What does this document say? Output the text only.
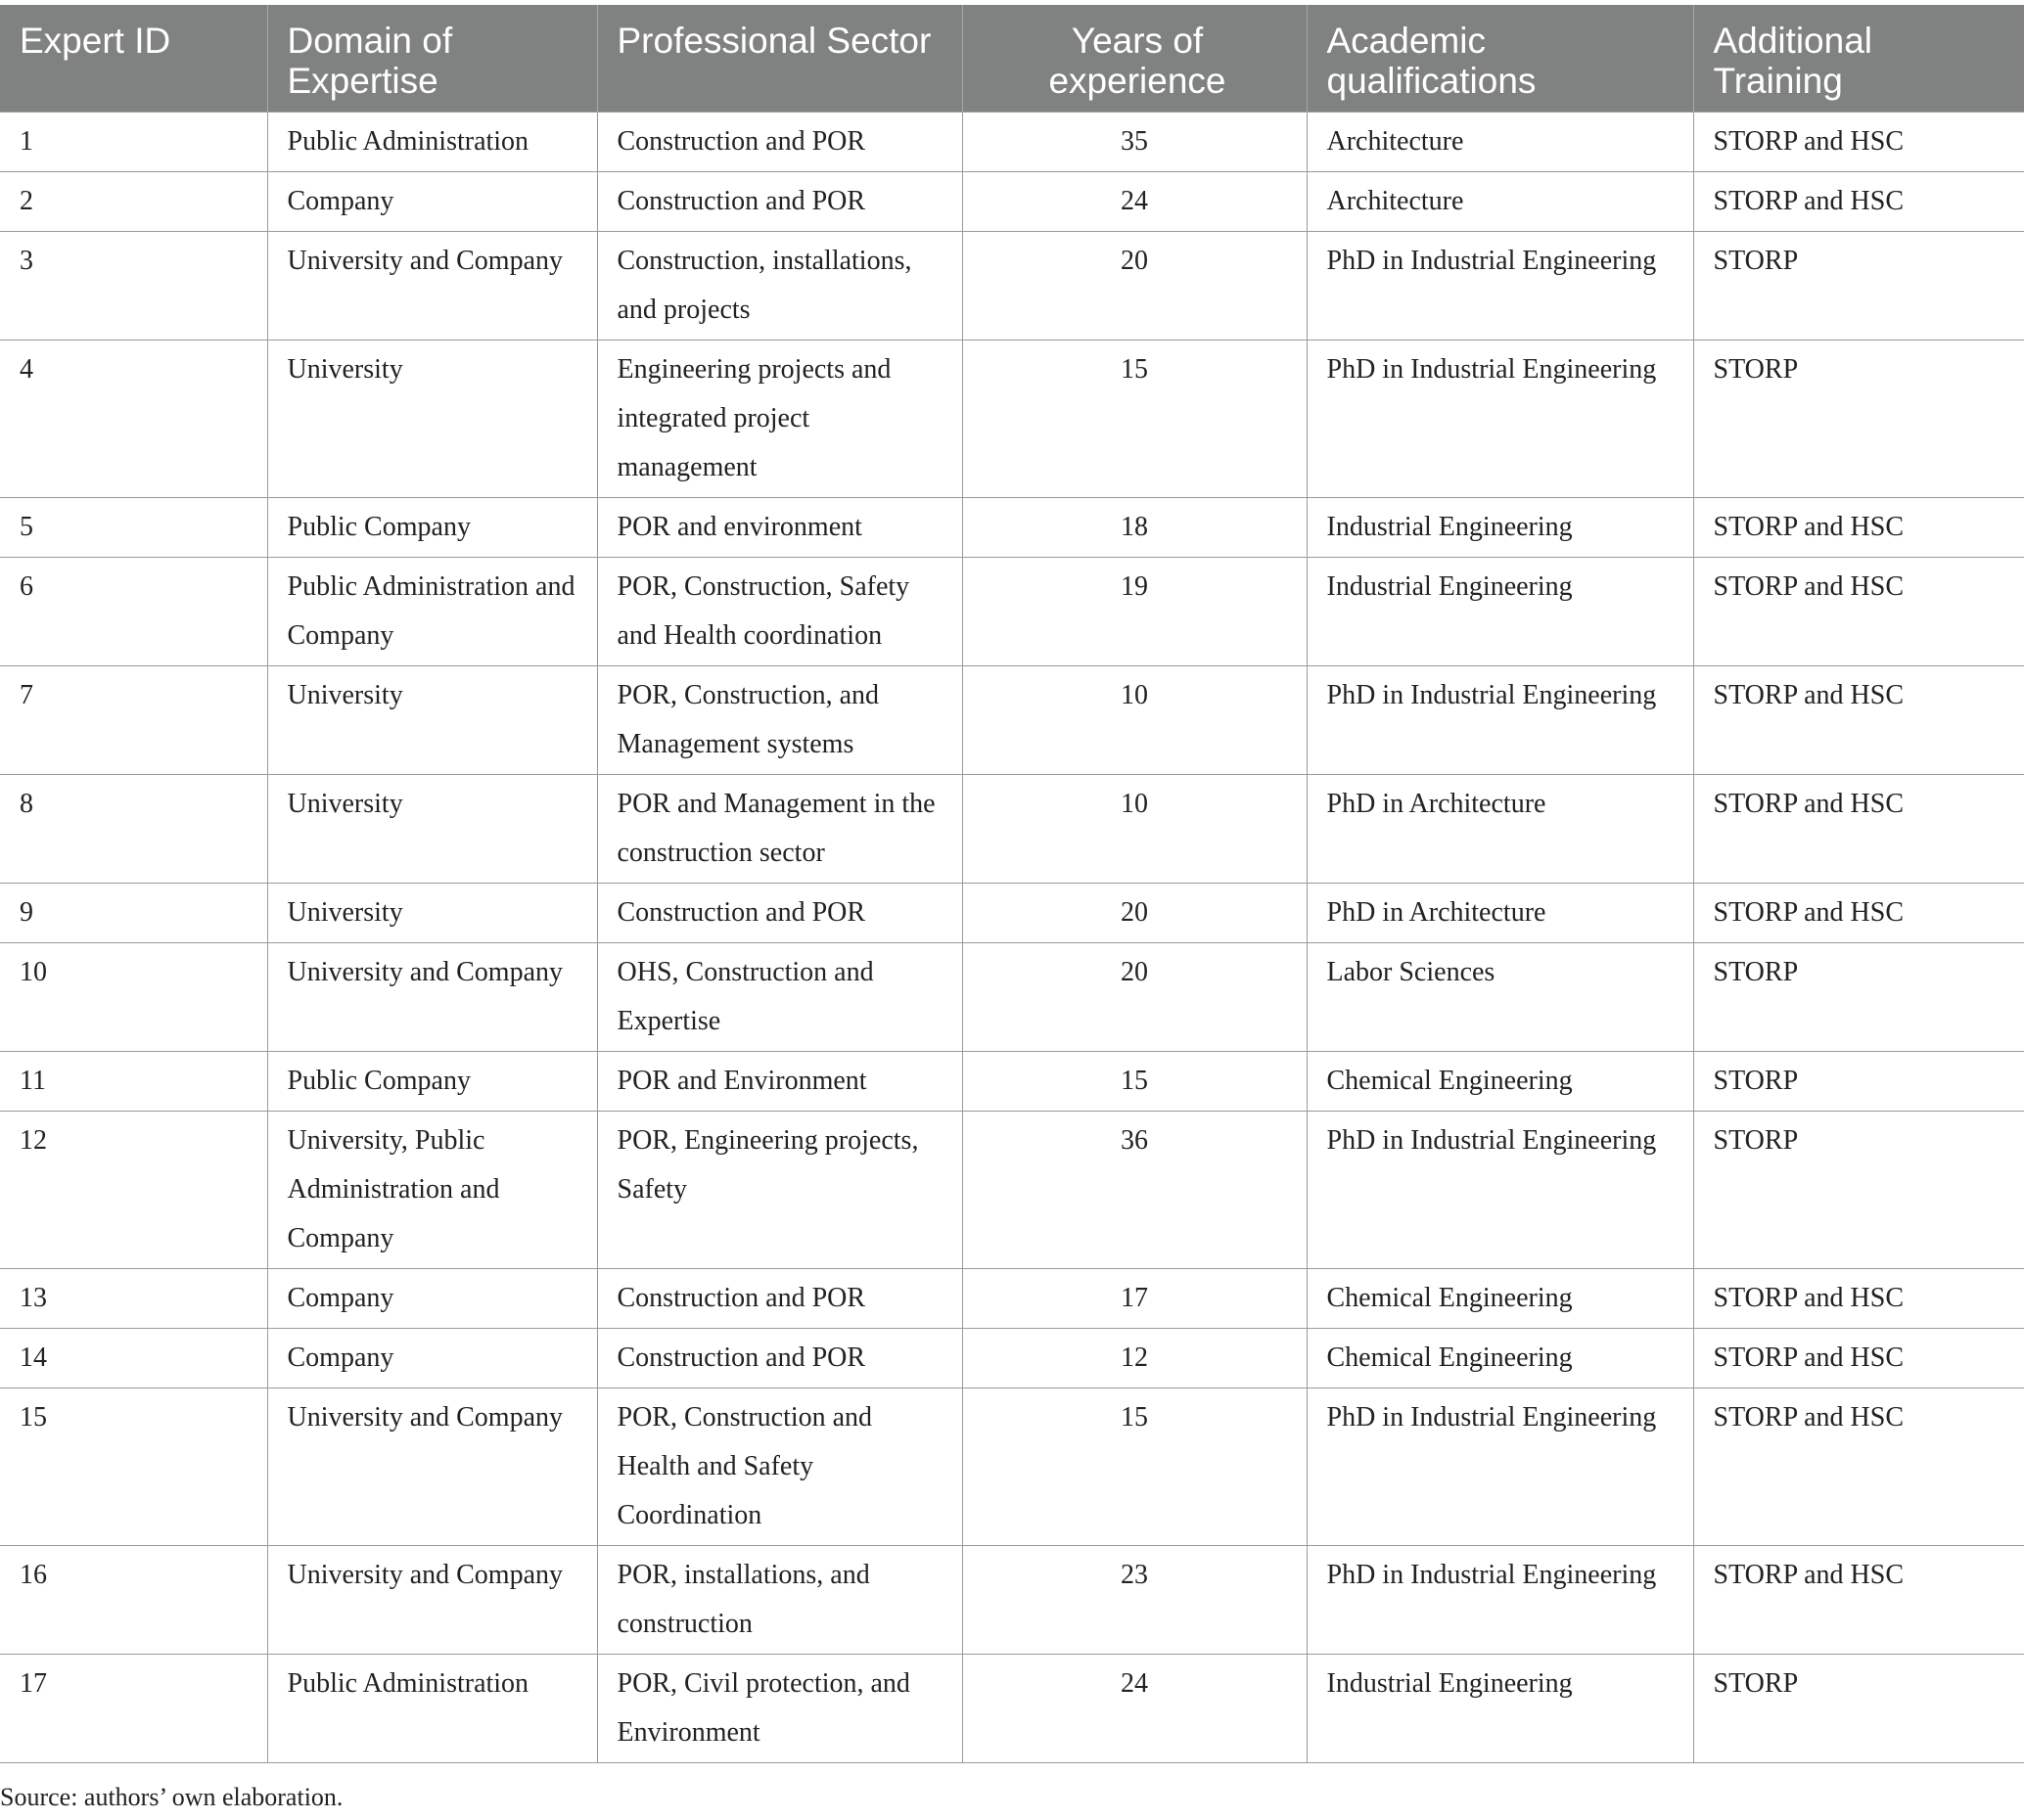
Expert ID	Domain of Expertise	Professional Sector	Years of experience	Academic qualifications	Additional Training
1	Public Administration	Construction and POR	35	Architecture	STORP and HSC
2	Company	Construction and POR	24	Architecture	STORP and HSC
3	University and Company	Construction, installations, and projects	20	PhD in Industrial Engineering	STORP
4	University	Engineering projects and integrated project management	15	PhD in Industrial Engineering	STORP
5	Public Company	POR and environment	18	Industrial Engineering	STORP and HSC
6	Public Administration and Company	POR, Construction, Safety and Health coordination	19	Industrial Engineering	STORP and HSC
7	University	POR, Construction, and Management systems	10	PhD in Industrial Engineering	STORP and HSC
8	University	POR and Management in the construction sector	10	PhD in Architecture	STORP and HSC
9	University	Construction and POR	20	PhD in Architecture	STORP and HSC
10	University and Company	OHS, Construction and Expertise	20	Labor Sciences	STORP
11	Public Company	POR and Environment	15	Chemical Engineering	STORP
12	University, Public Administration and Company	POR, Engineering projects, Safety	36	PhD in Industrial Engineering	STORP
13	Company	Construction and POR	17	Chemical Engineering	STORP and HSC
14	Company	Construction and POR	12	Chemical Engineering	STORP and HSC
15	University and Company	POR, Construction and Health and Safety Coordination	15	PhD in Industrial Engineering	STORP and HSC
16	University and Company	POR, installations, and construction	23	PhD in Industrial Engineering	STORP and HSC
17	Public Administration	POR, Civil protection, and Environment	24	Industrial Engineering	STORP
Source: authors’ own elaboration.
